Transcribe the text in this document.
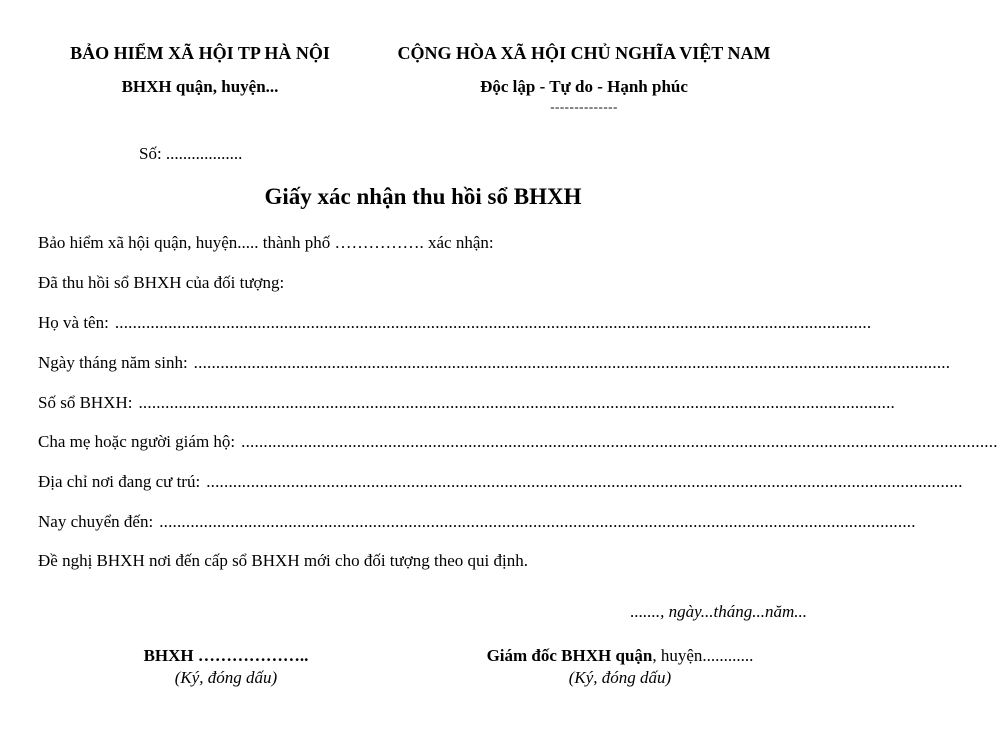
BẢO HIỂM XÃ HỘI TP HÀ NỘI
BHXH quận, huyện...
CỘNG HÒA XÃ HỘI CHỦ NGHĨA VIỆT NAM
Độc lập - Tự do - Hạnh phúc
--------------
Số: ..................
Giấy xác nhận thu hồi sổ BHXH
Bảo hiểm xã hội quận, huyện..... thành phố ……………. xác nhận:
Đã thu hồi sổ BHXH của đối tượng:
Họ và tên: ..........................................................................................................................................................................
Ngày tháng năm sinh: ..........................................................................................................................................................................
Số sổ BHXH: ..........................................................................................................................................................................
Cha mẹ hoặc người giám hộ: ..........................................................................................................................................................................
Địa chỉ nơi đang cư trú: ..........................................................................................................................................................................
Nay chuyển đến: ..........................................................................................................................................................................
Đề nghị BHXH nơi đến cấp sổ BHXH mới cho đối tượng theo qui định.
......., ngày...tháng...năm...
BHXH ………………..
(Ký, đóng dấu)
Giám đốc BHXH quận, huyện............
(Ký, đóng dấu)
